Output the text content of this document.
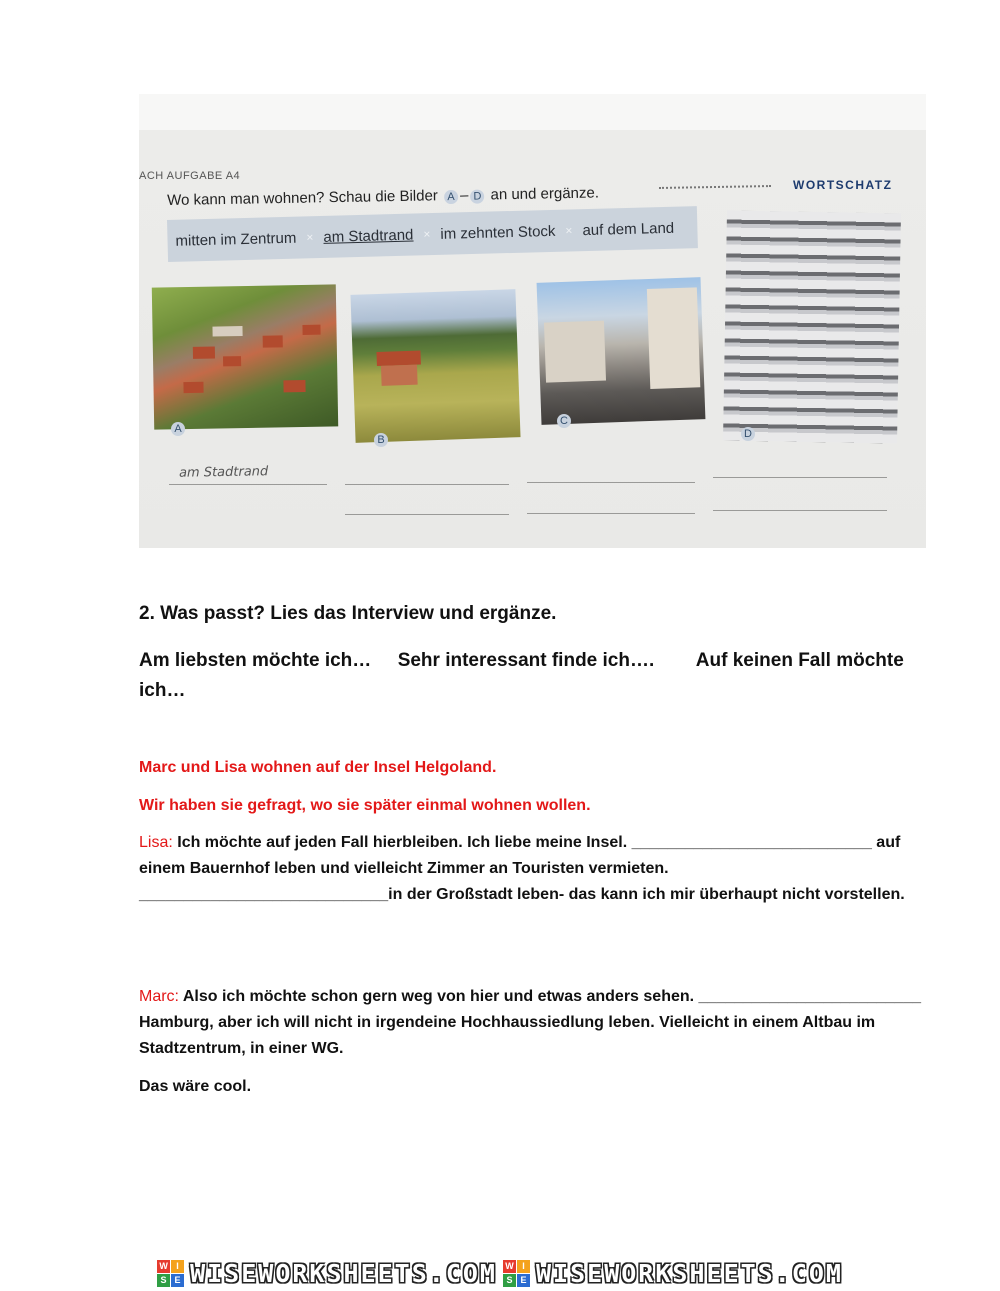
ACH AUFGABE A4
Wo kann man wohnen? Schau die Bilder A – D an und ergänze.	WORTSCHATZ
mitten im Zentrum × am Stadtrand × im zehnten Stock × auf dem Land
A
B
C
D
am Stadtrand
2. Was passt? Lies das Interview und ergänze.
Am liebsten möchte ich… Sehr interessant finde ich…. Auf keinen Fall möchte
ich…
Marc und Lisa wohnen auf der Insel Helgoland.
Wir haben sie gefragt, wo sie später einmal wohnen wollen.
Lisa: Ich möchte auf jeden Fall hierbleiben. Ich liebe meine Insel. ___________________________ auf einem Bauernhof leben und vielleicht Zimmer an Touristen vermieten. ____________________________in der Großstadt leben- das kann ich mir überhaupt nicht vorstellen.
Marc: Also ich möchte schon gern weg von hier und etwas anders sehen. _________________________ Hamburg, aber ich will nicht in irgendeine Hochhaussiedlung leben. Vielleicht in einem Altbau im Stadtzentrum, in einer WG.
Das wäre cool.
W I
S E WISEWORKSHEETS.COM W I
S E WISEWORKSHEETS.COM
